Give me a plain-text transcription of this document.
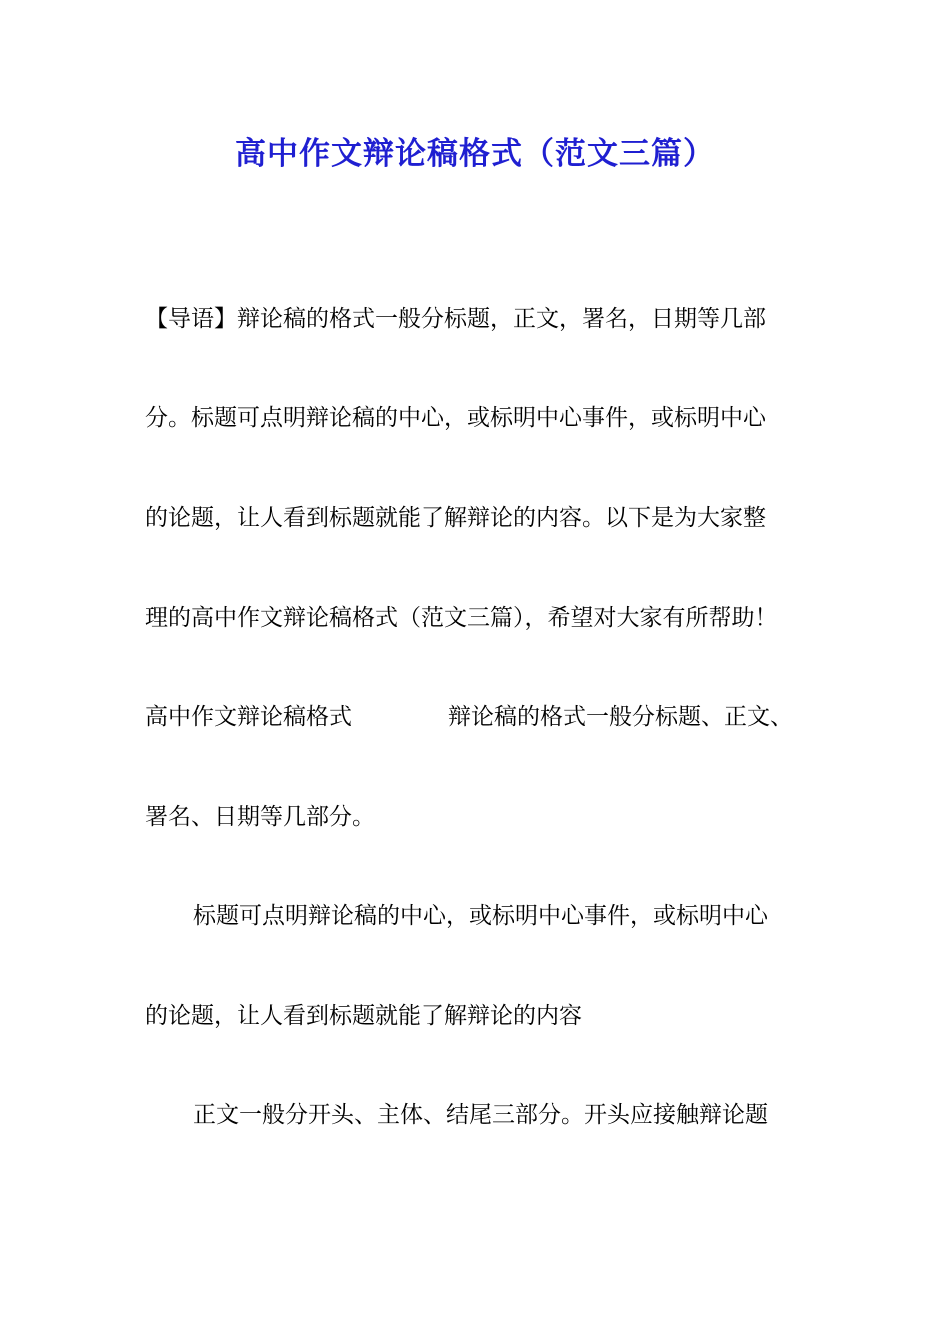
高中作文辩论稿格式（范文三篇）
【导语】辩论稿的格式一般分标题，正文，署名，日期等几部
分。标题可点明辩论稿的中心，或标明中心事件，或标明中心
的论题，让人看到标题就能了解辩论的内容。以下是为大家整
理的高中作文辩论稿格式（范文三篇），希望对大家有所帮助！
高中作文辩论稿格式	辩论稿的格式一般分标题、正文、
署名、日期等几部分。
标题可点明辩论稿的中心，或标明中心事件，或标明中心
的论题，让人看到标题就能了解辩论的内容
正文一般分开头、主体、结尾三部分。开头应接触辩论题
